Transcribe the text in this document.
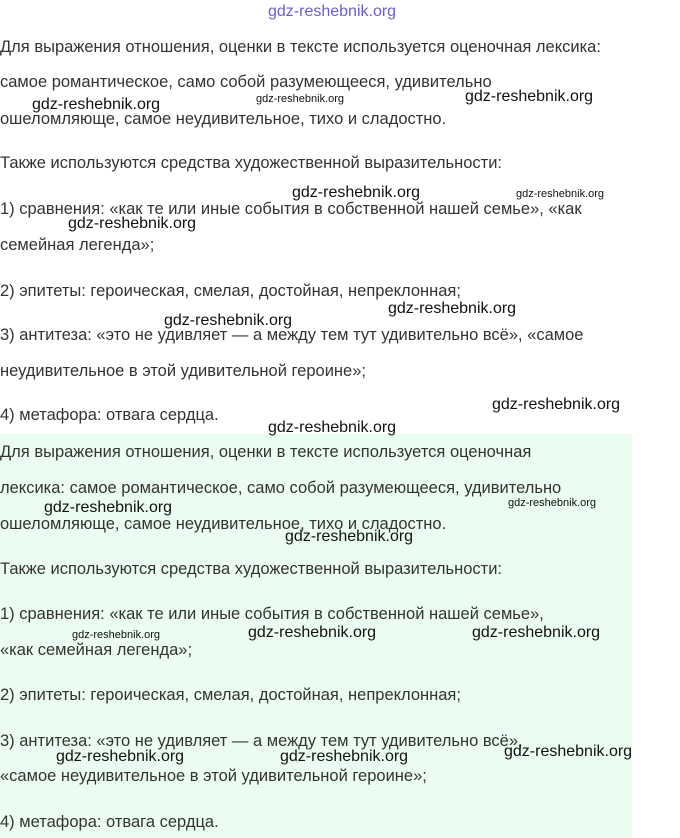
gdz-reshebnik.org
Для выражения отношения, оценки в тексте используется оценочная лексика:
самое романтическое, само собой разумеющееся, удивительно
ошеломляюще, самое неудивительное, тихо и сладостно.
Также используются средства художественной выразительности:
1) сравнения: «как те или иные события в собственной нашей семье», «как
семейная легенда»;
2) эпитеты: героическая, смелая, достойная, непреклонная;
3) антитеза: «это не удивляет — а между тем тут удивительно всё», «самое
неудивительное в этой удивительной героине»;
4) метафора: отвага сердца.
Для выражения отношения, оценки в тексте используется оценочная
лексика: самое романтическое, само собой разумеющееся, удивительно
ошеломляюще, самое неудивительное, тихо и сладостно.
Также используются средства художественной выразительности:
1) сравнения: «как те или иные события в собственной нашей семье»,
«как семейная легенда»;
2) эпитеты: героическая, смелая, достойная, непреклонная;
3) антитеза: «это не удивляет — а между тем тут удивительно всё»,
«самое неудивительное в этой удивительной героине»;
4) метафора: отвага сердца.
gdz-reshebnik.org	gdz-reshebnik.org	gdz-reshebnik.org
gdz-reshebnik.org	gdz-reshebnik.org
gdz-reshebnik.org
gdz-reshebnik.org
gdz-reshebnik.org
gdz-reshebnik.org
gdz-reshebnik.org
gdz-reshebnik.org	gdz-reshebnik.org
gdz-reshebnik.org
gdz-reshebnik.org	gdz-reshebnik.org	gdz-reshebnik.org
gdz-reshebnik.org	gdz-reshebnik.org	gdz-reshebnik.org
